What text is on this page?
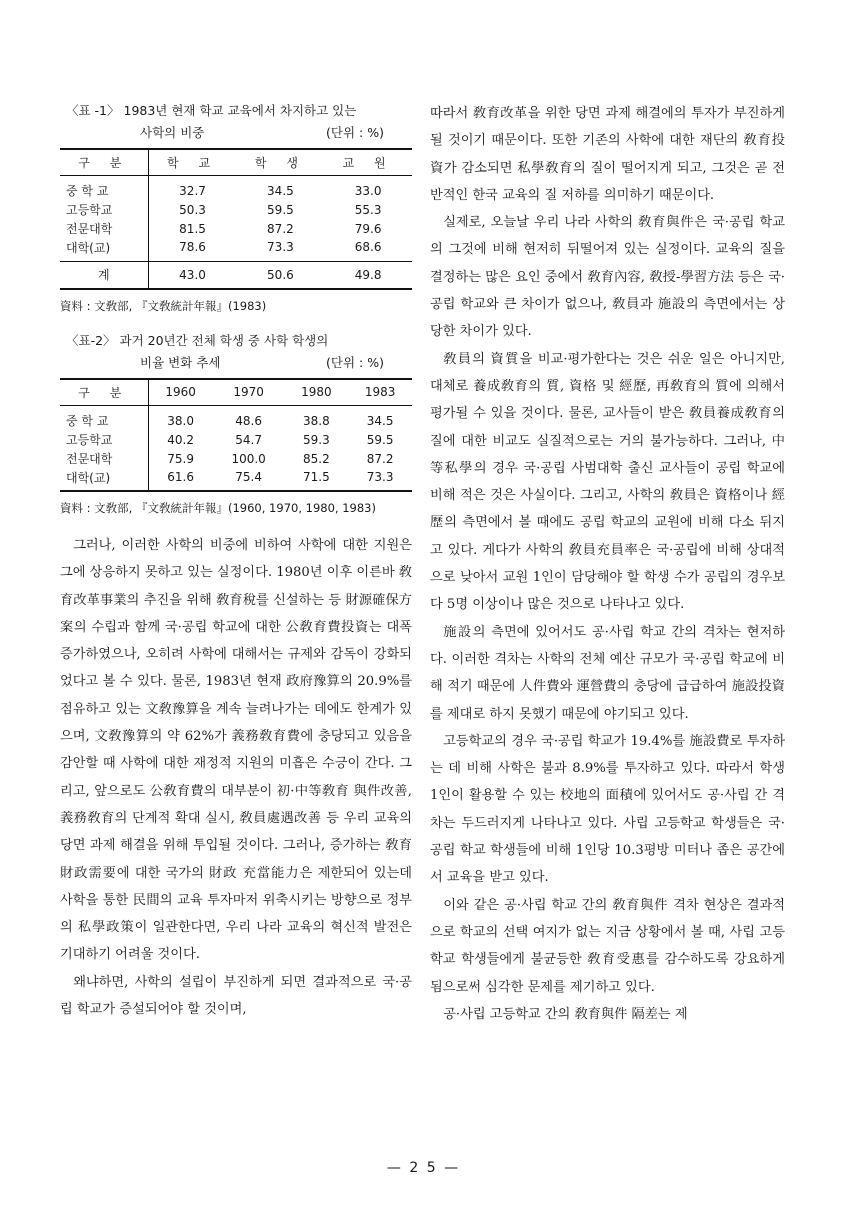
〈표 -1〉 1983년 현재 학교 교육에서 차지하고 있는
사학의 비중	(단위 : %)
구 분	학 교	학 생	교 원
중 학 교	32.7	34.5	33.0
고등학교	50.3	59.5	55.3
전문대학	81.5	87.2	79.6
대학(교)	78.6	73.3	68.6
계	43.0	50.6	49.8
資料 : 文敎部, 『文敎統計年報』(1983)
〈표-2〉 과거 20년간 전체 학생 중 사학 학생의
비율 변화 추세	(단위 : %)
구 분	1960	1970	1980	1983
중 학 교	38.0	48.6	38.8	34.5
고등학교	40.2	54.7	59.3	59.5
전문대학	75.9	100.0	85.2	87.2
대학(교)	61.6	75.4	71.5	73.3
資料 : 文敎部, 『文敎統計年報』(1960, 1970, 1980, 1983)

그러나, 이러한 사학의 비중에 비하여 사학에 대한 지원은 그에 상응하지 못하고 있는 실정이다. 1980년 이후 이른바 敎育改革事業의 추진을 위해 敎育稅를 신설하는 등 財源確保方案의 수립과 함께 국·공립 학교에 대한 公敎育費投資는 대폭 증가하였으나, 오히려 사학에 대해서는 규제와 감독이 강화되었다고 볼 수 있다. 물론, 1983년 현재 政府豫算의 20.9%를 점유하고 있는 文敎豫算을 계속 늘려나가는 데에도 한계가 있으며, 文敎豫算의 약 62%가 義務敎育費에 충당되고 있음을 감안할 때 사학에 대한 재정적 지원의 미흡은 수긍이 간다. 그리고, 앞으로도 公敎育費의 대부분이 初·中等敎育 與件改善, 義務敎育의 단계적 확대 실시, 敎員處遇改善 등 우리 교육의 당면 과제 해결을 위해 투입될 것이다. 그러나, 증가하는 敎育財政需要에 대한 국가의 財政 充當能力은 제한되어 있는데 사학을 통한 民間의 교육 투자마저 위축시키는 방향으로 정부의 私學政策이 일관한다면, 우리 나라 교육의 혁신적 발전은 기대하기 어려울 것이다.

왜냐하면, 사학의 설립이 부진하게 되면 결과적으로 국·공립 학교가 증설되어야 할 것이며,

따라서 敎育改革을 위한 당면 과제 해결에의 투자가 부진하게 될 것이기 때문이다. 또한 기존의 사학에 대한 재단의 敎育投資가 감소되면 私學敎育의 질이 떨어지게 되고, 그것은 곧 전반적인 한국 교육의 질 저하를 의미하기 때문이다.

실제로, 오늘날 우리 나라 사학의 敎育與件은 국·공립 학교의 그것에 비해 현저히 뒤떨어져 있는 실정이다. 교육의 질을 결정하는 많은 요인 중에서 敎育內容, 敎授-學習方法 등은 국·공립 학교와 큰 차이가 없으나, 敎員과 施設의 측면에서는 상당한 차이가 있다.

敎員의 資質을 비교·평가한다는 것은 쉬운 일은 아니지만, 대체로 養成敎育의 質, 資格 및 經歷, 再敎育의 質에 의해서 평가될 수 있을 것이다. 물론, 교사들이 받은 敎員養成敎育의 질에 대한 비교도 실질적으로는 거의 불가능하다. 그러나, 中等私學의 경우 국·공립 사범대학 출신 교사들이 공립 학교에 비해 적은 것은 사실이다. 그리고, 사학의 敎員은 資格이나 經歷의 측면에서 볼 때에도 공립 학교의 교원에 비해 다소 뒤지고 있다. 게다가 사학의 敎員充員率은 국·공립에 비해 상대적으로 낮아서 교원 1인이 담당해야 할 학생 수가 공립의 경우보다 5명 이상이나 많은 것으로 나타나고 있다.

施設의 측면에 있어서도 공·사립 학교 간의 격차는 현저하다. 이러한 격차는 사학의 전체 예산 규모가 국·공립 학교에 비해 적기 때문에 人件費와 運營費의 충당에 급급하여 施設投資를 제대로 하지 못했기 때문에 야기되고 있다.

고등학교의 경우 국·공립 학교가 19.4%를 施設費로 투자하는 데 비해 사학은 불과 8.9%를 투자하고 있다. 따라서 학생 1인이 활용할 수 있는 校地의 面積에 있어서도 공·사립 간 격차는 두드러지게 나타나고 있다. 사립 고등학교 학생들은 국·공립 학교 학생들에 비해 1인당 10.3평방 미터나 좁은 공간에서 교육을 받고 있다.

이와 같은 공·사립 학교 간의 敎育與件 격차 현상은 결과적으로 학교의 선택 여지가 없는 지금 상황에서 볼 때, 사립 고등학교 학생들에게 불균등한 敎育受惠를 감수하도록 강요하게 됨으로써 심각한 문제를 제기하고 있다.

공·사립 고등학교 간의 敎育與件 隔差는 제

— 2 5 —
